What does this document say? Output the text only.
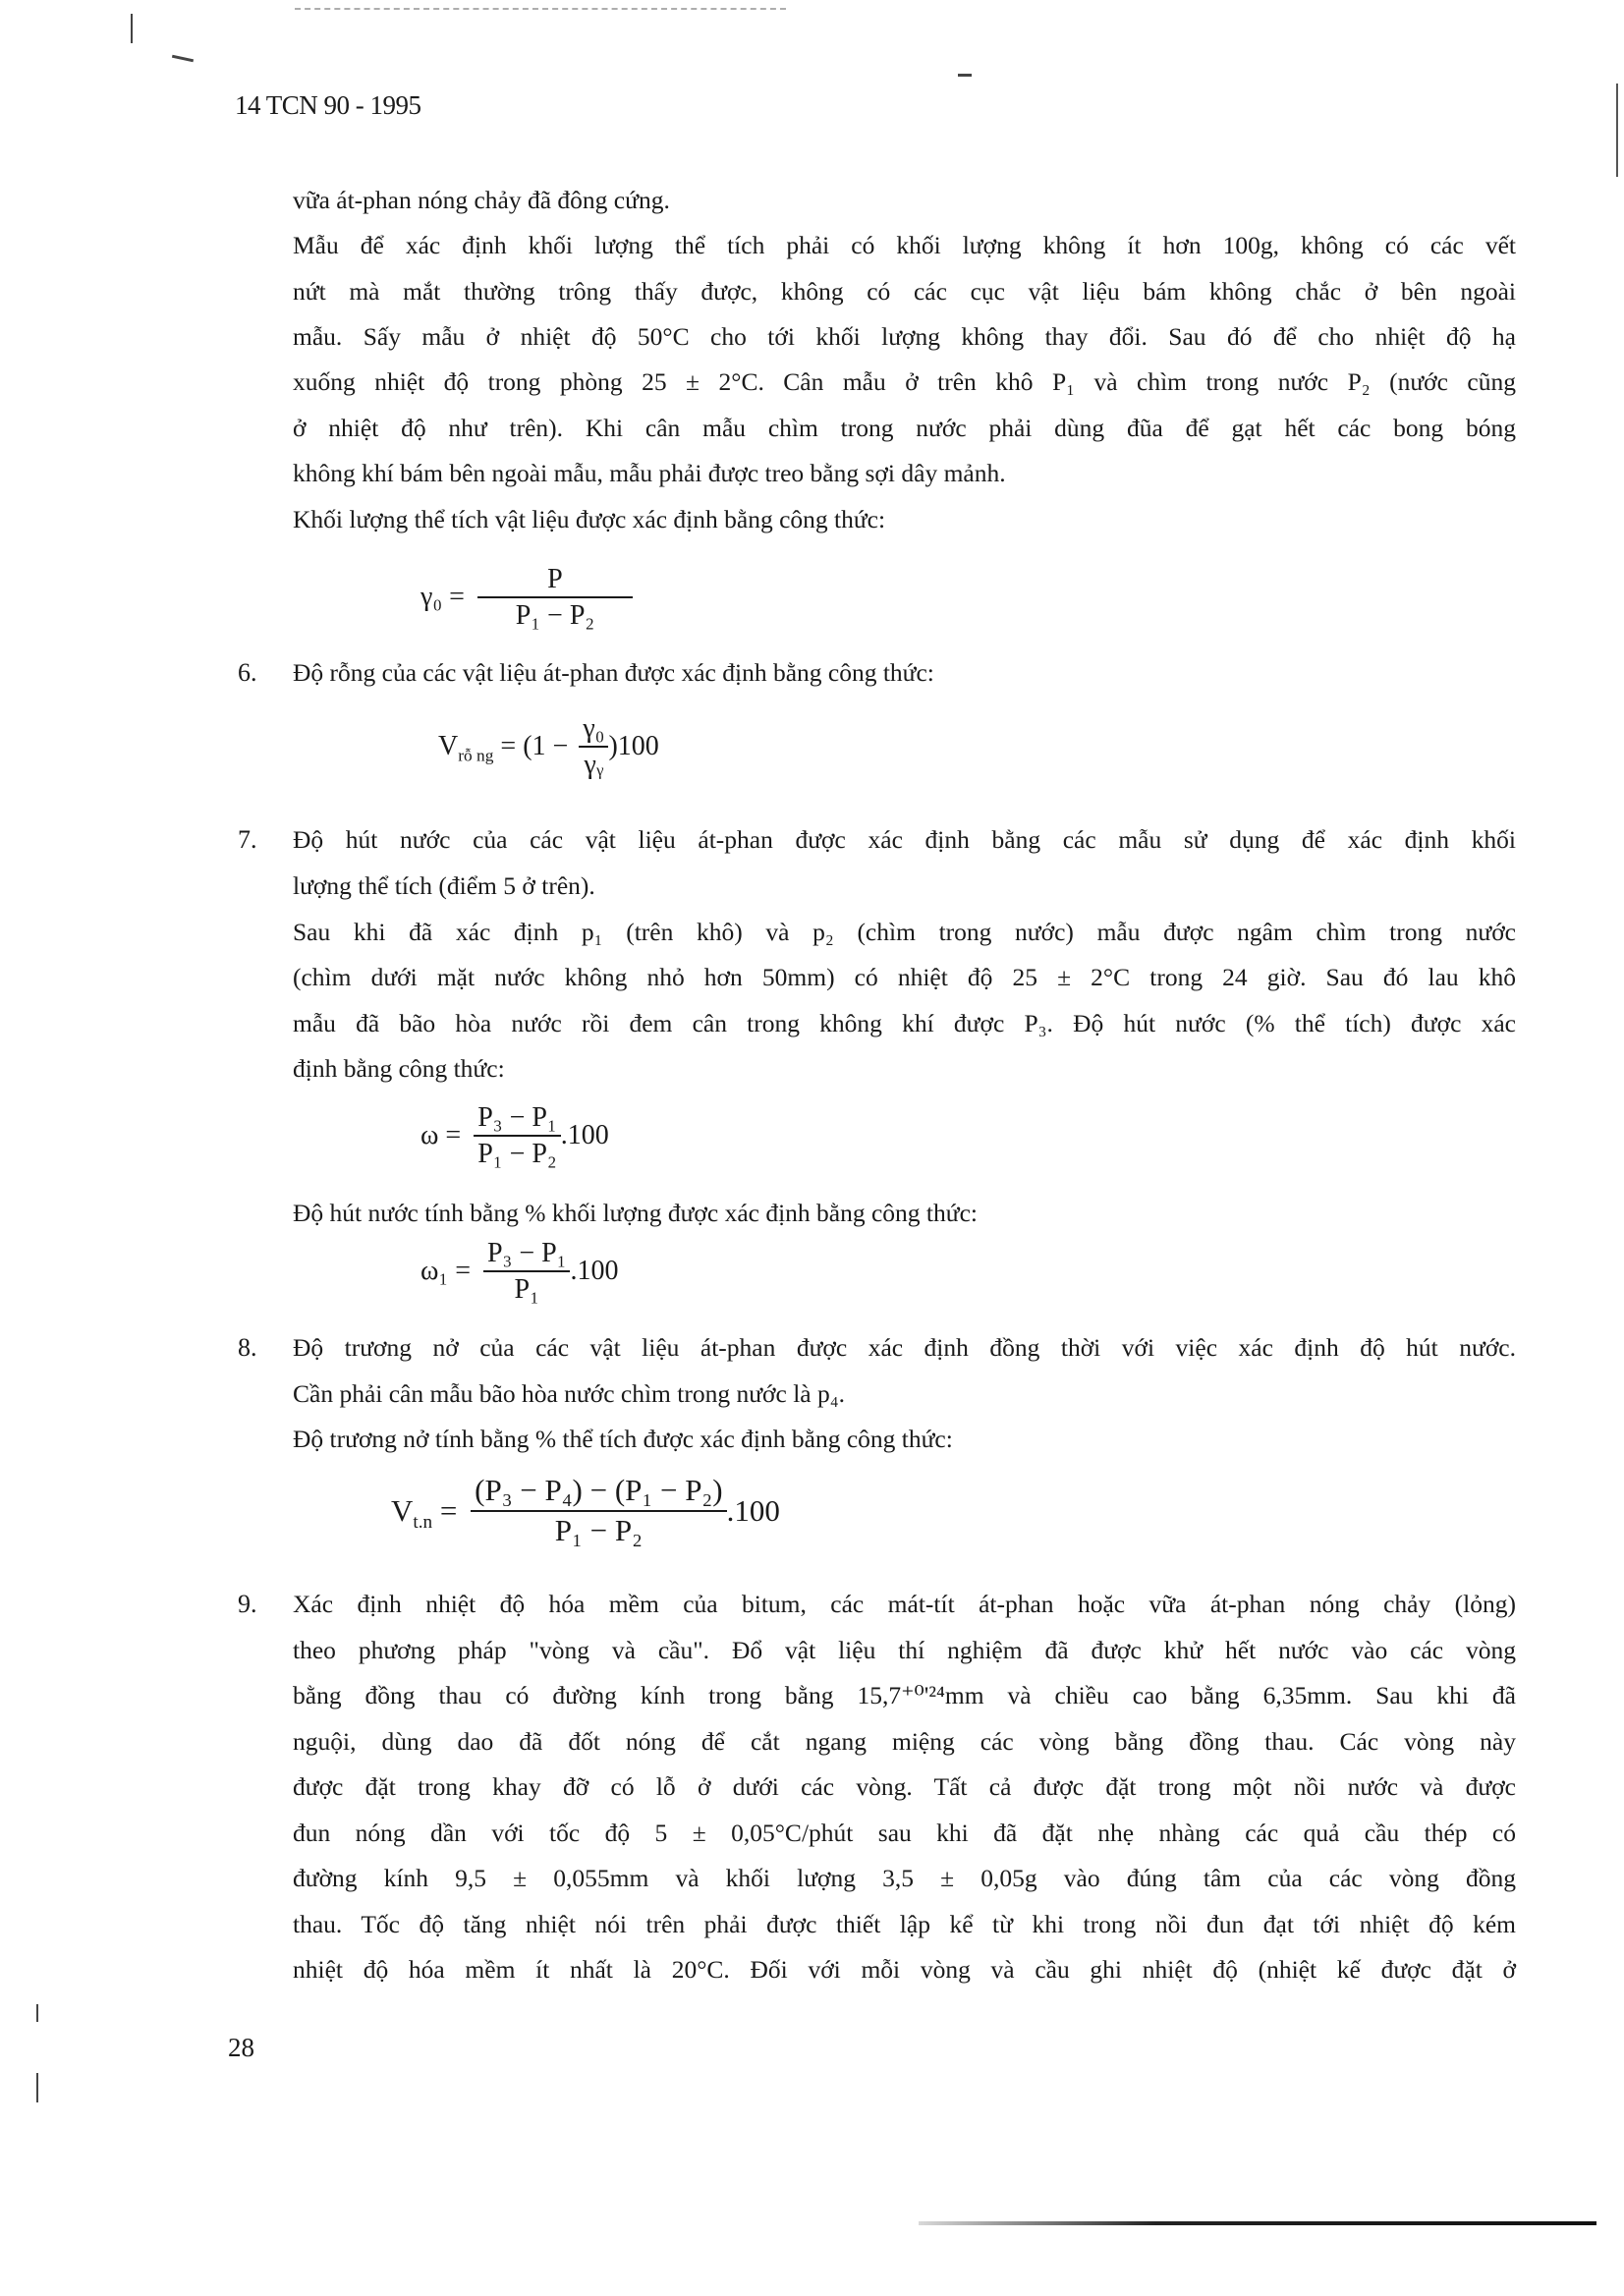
14 TCN 90 - 1995
vữa át-phan nóng chảy đã đông cứng.
Mẫu để xác định khối lượng thể tích phải có khối lượng không ít hơn 100g, không có các vết
nứt mà mắt thường trông thấy được, không có các cục vật liệu bám không chắc ở bên ngoài
mẫu. Sấy mẫu ở nhiệt độ 50°C cho tới khối lượng không thay đổi. Sau đó để cho nhiệt độ hạ
xuống nhiệt độ trong phòng 25 ± 2°C. Cân mẫu ở trên khô P₁ và chìm trong nước P₂ (nước cũng
ở nhiệt độ như trên). Khi cân mẫu chìm trong nước phải dùng đũa để gạt hết các bong bóng
không khí bám bên ngoài mẫu, mẫu phải được treo bằng sợi dây mảnh.
Khối lượng thể tích vật liệu được xác định bằng công thức:
$\gamma_0 = \frac{P}{\text{P₁ − P₂}}$
6. Độ rỗng của các vật liệu át-phan được xác định bằng công thức:
$V_{rỗ ng} = (1 - \frac{\text{γ₀}}{\text{γᵧ}} )100$
7. Độ hút nước của các vật liệu át-phan được xác định bằng các mẫu sử dụng để xác định khối
lượng thể tích (điểm 5 ở trên).
Sau khi đã xác định p₁ (trên khô) và p₂ (chìm trong nước) mẫu được ngâm chìm trong nước
(chìm dưới mặt nước không nhỏ hơn 50mm) có nhiệt độ 25 ± 2°C trong 24 giờ. Sau đó lau khô
mẫu đã bão hòa nước rồi đem cân trong không khí được P₃. Độ hút nước (% thể tích) được xác
định bằng công thức:
$\omega = \frac{\text{P₃ − P₁}}{\text{P₁ − P₂}} .100$
Độ hút nước tính bằng % khối lượng được xác định bằng công thức:
$\omega_1 = \frac{\text{P₃ − P₁}}{\text{P₁}} .100$
8. Độ trương nở của các vật liệu át-phan được xác định đồng thời với việc xác định độ hút nước.
Cần phải cân mẫu bão hòa nước chìm trong nước là p₄.
Độ trương nở tính bằng % thể tích được xác định bằng công thức:
$V_{t.n} = \frac{\text{(P₃ − P₄) − (P₁ − P₂)}}{\text{P₁ − P₂}} .100$
9. Xác định nhiệt độ hóa mềm của bitum, các mát-tít át-phan hoặc vữa át-phan nóng chảy (lỏng)
theo phương pháp "vòng và cầu". Đổ vật liệu thí nghiệm đã được khử hết nước vào các vòng
bằng đồng thau có đường kính trong bằng 15,7⁺⁰'²⁴mm và chiều cao bằng 6,35mm. Sau khi đã
nguội, dùng dao đã đốt nóng để cắt ngang miệng các vòng bằng đồng thau. Các vòng này
được đặt trong khay đỡ có lỗ ở dưới các vòng. Tất cả được đặt trong một nồi nước và được
đun nóng dần với tốc độ 5 ± 0,05°C/phút sau khi đã đặt nhẹ nhàng các quả cầu thép có
đường kính 9,5 ± 0,055mm và khối lượng 3,5 ± 0,05g vào đúng tâm của các vòng đồng
thau. Tốc độ tăng nhiệt nói trên phải được thiết lập kể từ khi trong nồi đun đạt tới nhiệt độ kém
nhiệt độ hóa mềm ít nhất là 20°C. Đối với mỗi vòng và cầu ghi nhiệt độ (nhiệt kế được đặt ở
28
